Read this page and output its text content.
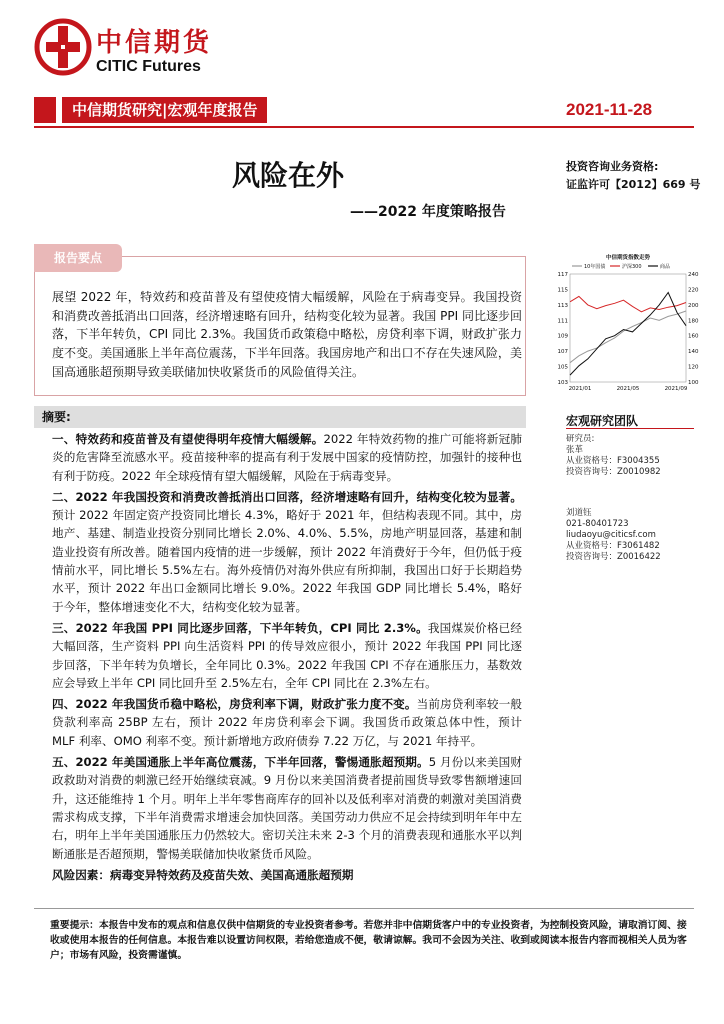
中信期货
CITIC Futures
中信期货研究|宏观年度报告	2021-11-28
风险在外
——2022 年度策略报告
投资咨询业务资格:
证监许可【2012】669 号
报告要点
展望 2022 年，特效药和疫苗普及有望使疫情大幅缓解，风险在于病毒变异。我国投资和消费改善抵消出口回落，经济增速略有回升，结构变化较为显著。我国 PPI 同比逐步回落，下半年转负，CPI 同比 2.3%。我国货币政策稳中略松，房贷利率下调，财政扩张力度不变。美国通胀上半年高位震荡，下半年回落。我国房地产和出口不存在失速风险，美国高通胀超预期导致美联储加快收紧货币的风险值得关注。
摘要:

一、特效药和疫苗普及有望使得明年疫情大幅缓解。2022 年特效药物的推广可能将新冠肺炎的危害降至流感水平。疫苗接种率的提高有利于发展中国家的疫情防控，加强针的接种也有利于防疫。2022 年全球疫情有望大幅缓解，风险在于病毒变异。

二、2022 年我国投资和消费改善抵消出口回落，经济增速略有回升，结构变化较为显著。预计 2022 年固定资产投资同比增长 4.3%，略好于 2021 年，但结构表现不同。其中，房地产、基建、制造业投资分别同比增长 2.0%、4.0%、5.5%，房地产明显回落，基建和制造业投资有所改善。随着国内疫情的进一步缓解，预计 2022 年消费好于今年，但仍低于疫情前水平，同比增长 5.5%左右。海外疫情仍对海外供应有所抑制，我国出口好于长期趋势水平，预计 2022 年出口金额同比增长 9.0%。2022 年我国 GDP 同比增长 5.4%，略好于今年，整体增速变化不大，结构变化较为显著。

三、2022 年我国 PPI 同比逐步回落，下半年转负，CPI 同比 2.3%。我国煤炭价格已经大幅回落，生产资料 PPI 向生活资料 PPI 的传导效应很小，预计 2022 年我国 PPI 同比逐步回落，下半年转为负增长，全年同比 0.3%。2022 年我国 CPI 不存在通胀压力，基数效应会导致上半年 CPI 同比回升至 2.5%左右，全年 CPI 同比在 2.3%左右。

四、2022 年我国货币稳中略松，房贷利率下调，财政扩张力度不变。当前房贷利率较一般贷款利率高 25BP 左右，预计 2022 年房贷利率会下调。我国货币政策总体中性，预计 MLF 利率、OMO 利率不变。预计新增地方政府债券 7.22 万亿，与 2021 年持平。

五、2022 年美国通胀上半年高位震荡，下半年回落，警惕通胀超预期。5 月份以来美国财政救助对消费的刺激已经开始继续衰减。9 月份以来美国消费者提前囤货导致零售额增速回升，这还能维持 1 个月。明年上半年零售商库存的回补以及低利率对消费的刺激对美国消费需求构成支撑，下半年消费需求增速会加快回落。美国劳动力供应不足会持续到明年年中左右，明年上半年美国通胀压力仍然较大。密切关注未来 2-3 个月的消费表现和通胀水平以判断通胀是否超预期，警惕美联储加快收紧货币风险。

风险因素：病毒变异特效药及疫苗失效、美国高通胀超预期

中信期货指数走势
10年国债	沪深300	商品
117
115
113
111
109
107
105
103
240
220
200
180
160
140
120
100
2021/01	2021/05	2021/09
宏观研究团队
研究员:
张革
从业资格号：F3004355
投资咨询号：Z0010982
刘道钰
021-80401723
liudaoyu@citicsf.com
从业资格号：F3061482
投资咨询号：Z0016422
重要提示：本报告中发布的观点和信息仅供中信期货的专业投资者参考。若您并非中信期货客户中的专业投资者，为控制投资风险，请取消订阅、接收或使用本报告的任何信息。本报告难以设置访问权限，若给您造成不便，敬请谅解。我司不会因为关注、收到或阅读本报告内容而视相关人员为客户；市场有风险，投资需谨慎。
